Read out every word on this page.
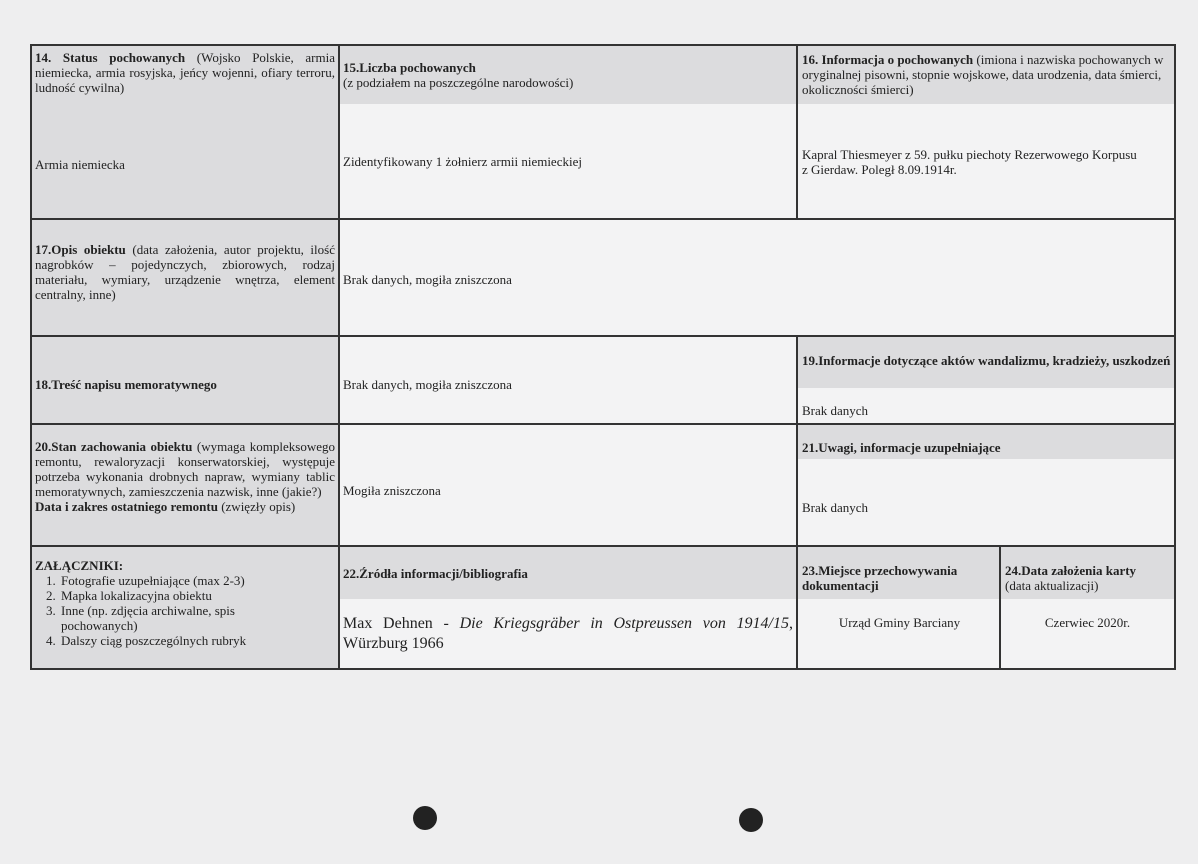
14. Status pochowanych (Wojsko Polskie, armia niemiecka, armia rosyjska, jeńcy wojenni, ofiary terroru, ludność cywilna)
Armia niemiecka
15.Liczba pochowanych
(z podziałem na poszczególne narodowości)
Zidentyfikowany 1 żołnierz armii niemieckiej
16. Informacja o pochowanych (imiona i nazwiska pochowanych w oryginalnej pisowni, stopnie wojskowe, data urodzenia, data śmierci, okoliczności śmierci)
Kapral Thiesmeyer z 59. pułku piechoty Rezerwowego Korpusu z Gierdaw. Poległ 8.09.1914r.
17.Opis obiektu (data założenia, autor projektu, ilość nagrobków – pojedynczych, zbiorowych, rodzaj materiału, wymiary, urządzenie wnętrza, element centralny, inne)
Brak danych, mogiła zniszczona
18.Treść napisu memoratywnego	Brak danych, mogiła zniszczona
19.Informacje dotyczące aktów wandalizmu, kradzieży, uszkodzeń
Brak danych
20.Stan zachowania obiektu (wymaga kompleksowego remontu, rewaloryzacji konserwatorskiej, występuje potrzeba wykonania drobnych napraw, wymiany tablic memoratywnych, zamieszczenia nazwisk, inne (jakie?)
Data i zakres ostatniego remontu (zwięzły opis)
Mogiła zniszczona
21.Uwagi, informacje uzupełniające
Brak danych
ZAŁĄCZNIKI:
1. Fotografie uzupełniające (max 2-3)
2. Mapka lokalizacyjna obiektu
3. Inne (np. zdjęcia archiwalne, spis pochowanych)
4. Dalszy ciąg poszczególnych rubryk
22.Źródła informacji/bibliografia
Max Dehnen - Die Kriegsgräber in Ostpreussen von 1914/15, Würzburg 1966
23.Miejsce przechowywania dokumentacji
Urząd Gminy Barciany
24.Data założenia karty
(data aktualizacji)
Czerwiec 2020r.
